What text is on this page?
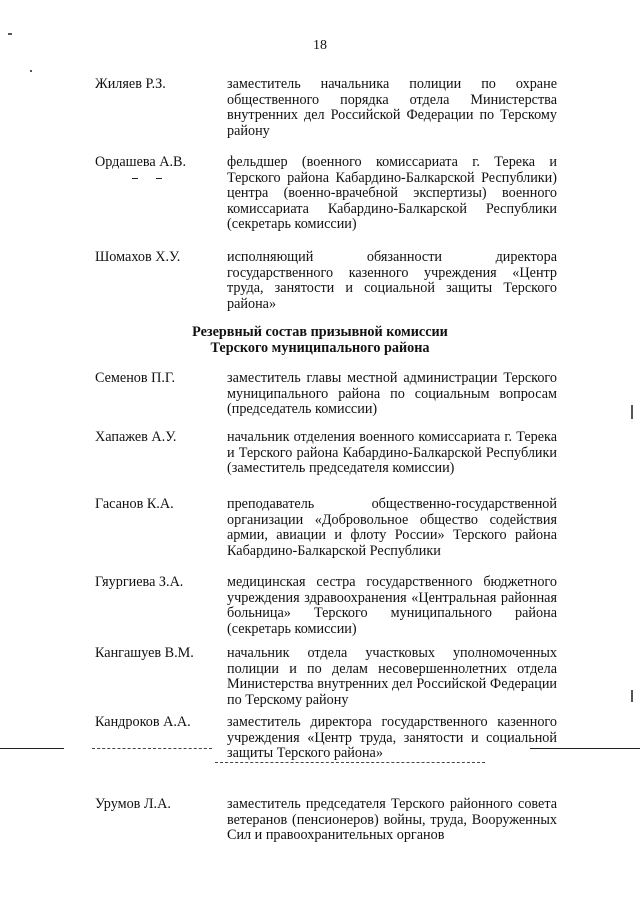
18
Жиляев Р.З.	заместитель начальника полиции по охране общественного порядка отдела Министерства внутренних дел Российской Федерации по Терскому району
Ордашева А.В.	фельдшер (военного комиссариата г. Терека и Терского района Кабардино-Балкарской Республики) центра (военно-врачебной экспертизы) военного комиссариата Кабардино-Балкарской Республики (секретарь комиссии)
Шомахов Х.У.	исполняющий обязанности директора государственного казенного учреждения «Центр труда, занятости и социальной защиты Терского района»
Резервный состав призывной комиссии
Терского муниципального района
Семенов П.Г.	заместитель главы местной администрации Терского муниципального района по социальным вопросам (председатель комиссии)
Хапажев А.У.	начальник отделения военного комиссариата г. Терека и Терского района Кабардино-Балкарской Республики (заместитель председателя комиссии)
Гасанов К.А.	преподаватель общественно-государственной организации «Добровольное общество содействия армии, авиации и флоту России» Терского района Кабардино-Балкарской Республики
Гяургиева З.А.	медицинская сестра государственного бюджетного учреждения здравоохранения «Центральная районная больница» Терского муниципального района (секретарь комиссии)
Кангашуев В.М. начальник отдела участковых уполномоченных полиции и по делам несовершеннолетних отдела Министерства внутренних дел Российской Федерации по Терскому району
Кандроков А.А.	заместитель директора государственного казенного учреждения «Центр труда, занятости и социальной защиты Терского района»
Урумов Л.А.	заместитель председателя Терского районного совета ветеранов (пенсионеров) войны, труда, Вооруженных Сил и правоохранительных органов
